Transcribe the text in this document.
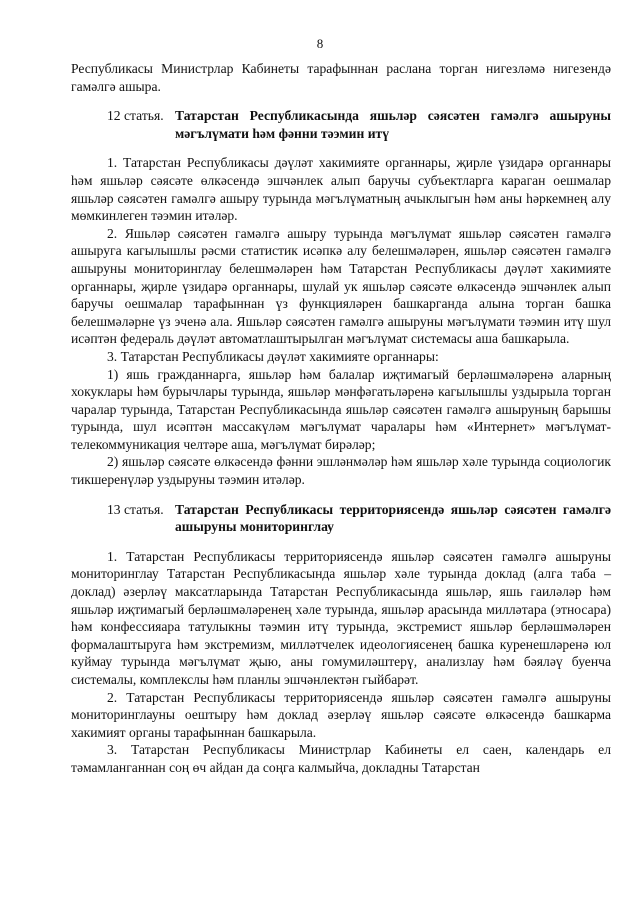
8

Республикасы Министрлар Кабинеты тарафыннан раслана торган нигезләмә нигезендә гамәлгә ашыра.

12 статья. Татарстан Республикасында яшьләр сәясәтен гамәлгә ашыруны мәгълүмати һәм фәнни тәэмин итү

1. Татарстан Республикасы дәүләт хакимияте органнары, җирле үзидарә органнары һәм яшьләр сәясәте өлкәсендә эшчәнлек алып баручы субъектларга караган оешмалар яшьләр сәясәтен гамәлгә ашыру турында мәгълүматның ачыклыгын һәм аны һәркемнең алу мөмкинлеген тәэмин итәләр.

2. Яшьләр сәясәтен гамәлгә ашыру турында мәгълүмат яшьләр сәясәтен гамәлгә ашыруга кагылышлы рәсми статистик исәпкә алу белешмәләрен, яшьләр сәясәтен гамәлгә ашыруны мониторинглау белешмәләрен һәм Татарстан Республикасы дәүләт хакимияте органнары, җирле үзидарә органнары, шулай ук яшьләр сәясәте өлкәсендә эшчәнлек алып баручы оешмалар тарафыннан үз функцияләрен башкарганда алына торган башка белешмәләрне үз эченә ала. Яшьләр сәясәтен гамәлгә ашыруны мәгълүмати тәэмин итү шул исәптән федераль дәүләт автоматлаштырылган мәгълүмат системасы аша башкарыла.

3. Татарстан Республикасы дәүләт хакимияте органнары:

1) яшь гражданнарга, яшьләр һәм балалар иҗтимагый берләшмәләренә аларның хокуклары һәм бурычлары турында, яшьләр мәнфәгатьләренә кагылышлы уздырыла торган чаралар турында, Татарстан Республикасында яшьләр сәясәтен гамәлгә ашыруның барышы турында, шул исәптән массакүләм мәгълүмат чаралары һәм «Интернет» мәгълүмат-телекоммуникация челтәре аша, мәгълүмат бирәләр;

2) яшьләр сәясәте өлкәсендә фәнни эшләнмәләр һәм яшьләр хәле турында социологик тикшеренүләр уздыруны тәэмин итәләр.

13 статья. Татарстан Республикасы территориясендә яшьләр сәясәтен гамәлгә ашыруны мониторинглау

1. Татарстан Республикасы территориясендә яшьләр сәясәтен гамәлгә ашыруны мониторинглау Татарстан Республикасында яшьләр хәле турында доклад (алга таба – доклад) әзерләү максатларында Татарстан Республикасында яшьләр, яшь гаиләләр һәм яшьләр иҗтимагый берләшмәләренең хәле турында, яшьләр арасында милләтара (этносара) һәм конфессияара татулыкны тәэмин итү турында, экстремист яшьләр берләшмәләрен формалаштыруга һәм экстремизм, милләтчелек идеологиясенең башка куренешләренә юл куймау турында мәгълүмат җыю, аны гомумиләштерү, анализлау һәм бәяләү буенча системалы, комплекслы һәм планлы эшчәнлектән гыйбарәт.

2. Татарстан Республикасы территориясендә яшьләр сәясәтен гамәлгә ашыруны мониторинглауны оештыру һәм доклад әзерләү яшьләр сәясәте өлкәсендә башкарма хакимият органы тарафыннан башкарыла.

3. Татарстан Республикасы Министрлар Кабинеты ел саен, календарь ел тәмамланганнан соң өч айдан да соңга калмыйча, докладны Татарстан
